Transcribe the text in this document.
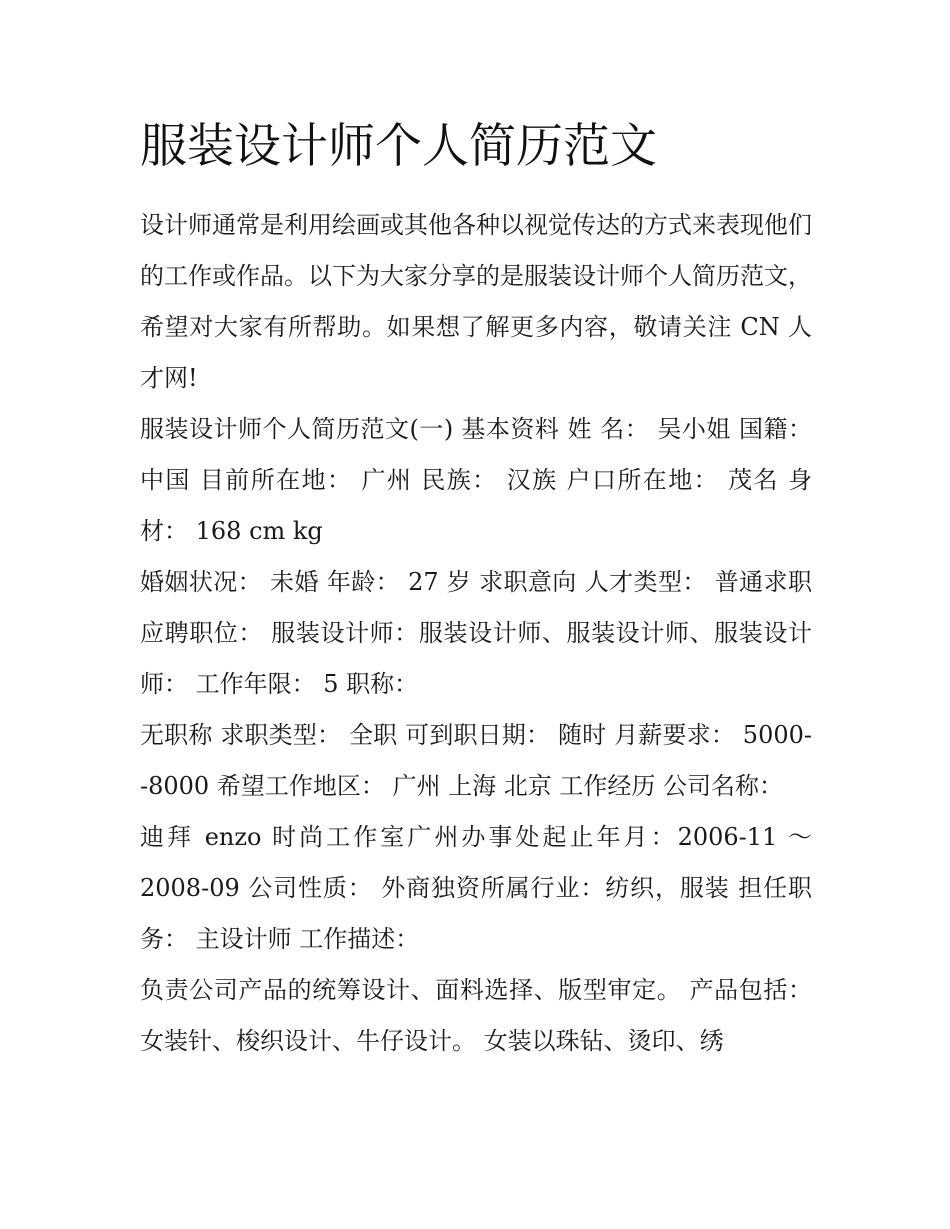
服装设计师个人简历范文

设计师通常是利用绘画或其他各种以视觉传达的方式来表现他们的工作或作品。以下为大家分享的是服装设计师个人简历范文，希望对大家有所帮助。如果想了解更多内容，敬请关注 CN 人才网!

服装设计师个人简历范文(一) 基本资料 姓 名： 吴小姐 国籍： 中国 目前所在地： 广州 民族： 汉族 户口所在地： 茂名 身材： 168 cm kg

婚姻状况： 未婚 年龄： 27 岁 求职意向 人才类型： 普通求职 应聘职位： 服装设计师：服装设计师、服装设计师、服装设计师： 工作年限： 5 职称：

无职称 求职类型： 全职 可到职日期： 随时 月薪要求： 5000--8000 希望工作地区： 广州 上海 北京 工作经历 公司名称：

迪拜 enzo 时尚工作室广州办事处起止年月：2006-11 ～ 2008-09 公司性质： 外商独资所属行业：纺织，服装 担任职务： 主设计师 工作描述：

负责公司产品的统筹设计、面料选择、版型审定。 产品包括：女装针、梭织设计、牛仔设计。 女装以珠钻、烫印、绣
